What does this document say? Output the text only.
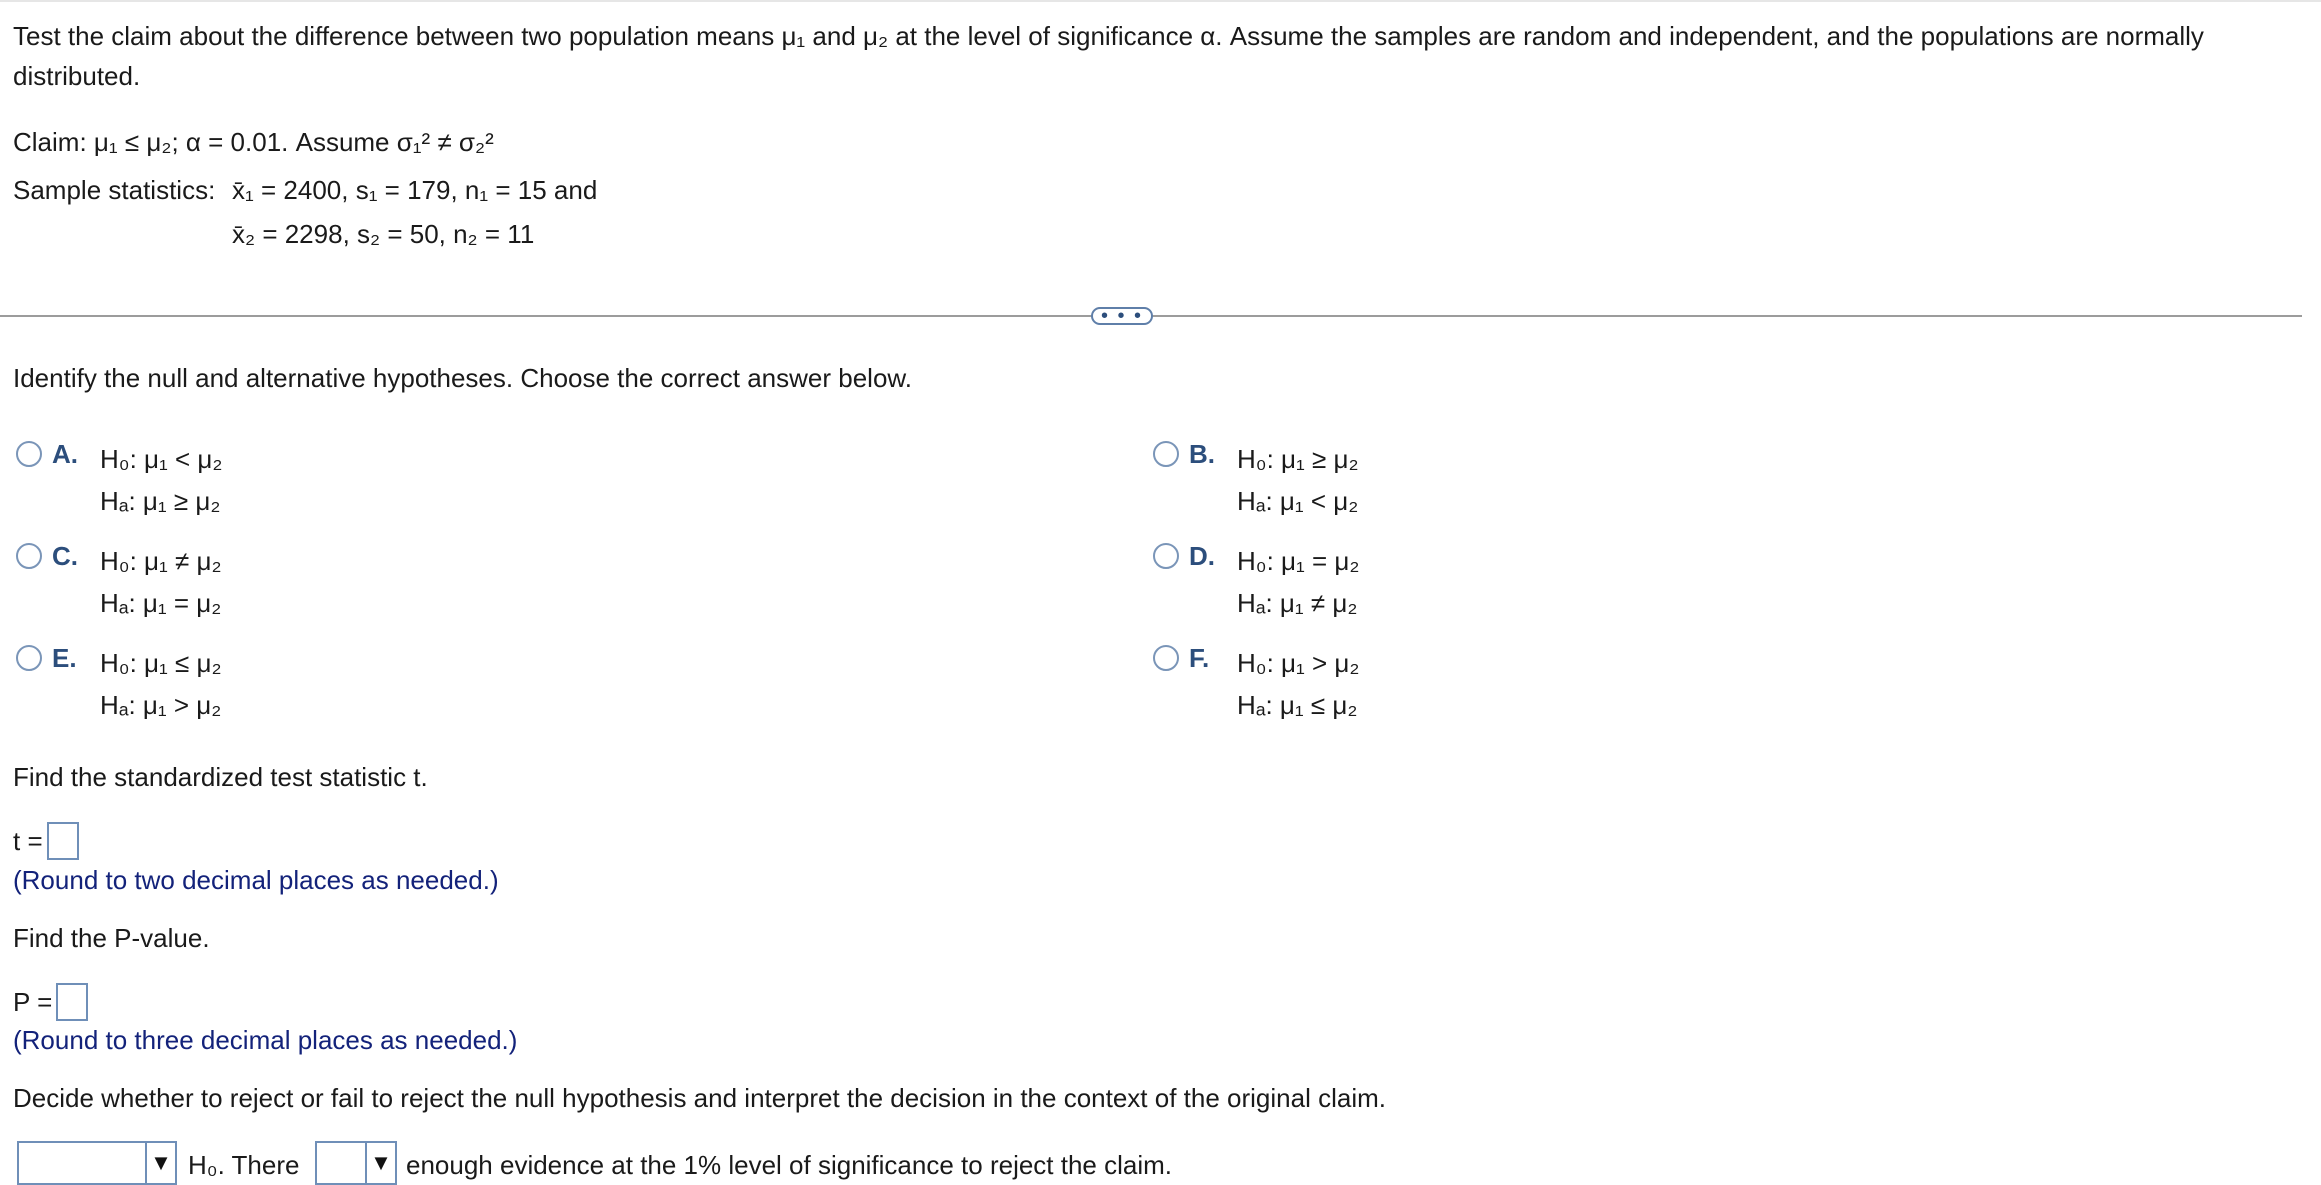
Test the claim about the difference between two population means μ₁ and μ₂ at the level of significance α. Assume the samples are random and independent, and the populations are normally
distributed.
Claim: μ₁ ≤ μ₂; α = 0.01. Assume σ₁² ≠ σ₂²
Sample statistics: x̄₁ = 2400, s₁ = 179, n₁ = 15 and
x̄₂ = 2298, s₂ = 50, n₂ = 11
• • •
Identify the null and alternative hypotheses. Choose the correct answer below.
A. H₀: μ₁ < μ₂
Hₐ: μ₁ ≥ μ₂
B. H₀: μ₁ ≥ μ₂
Hₐ: μ₁ < μ₂
C. H₀: μ₁ ≠ μ₂
Hₐ: μ₁ = μ₂
D. H₀: μ₁ = μ₂
Hₐ: μ₁ ≠ μ₂
E. H₀: μ₁ ≤ μ₂
Hₐ: μ₁ > μ₂
F.	H₀: μ₁ > μ₂
Hₐ: μ₁ ≤ μ₂
Find the standardized test statistic t.
t =
(Round to two decimal places as needed.)
Find the P-value.
P =
(Round to three decimal places as needed.)
Decide whether to reject or fail to reject the null hypothesis and interpret the decision in the context of the original claim.
▼ H₀. There	▼ enough evidence at the 1% level of significance to reject the claim.
